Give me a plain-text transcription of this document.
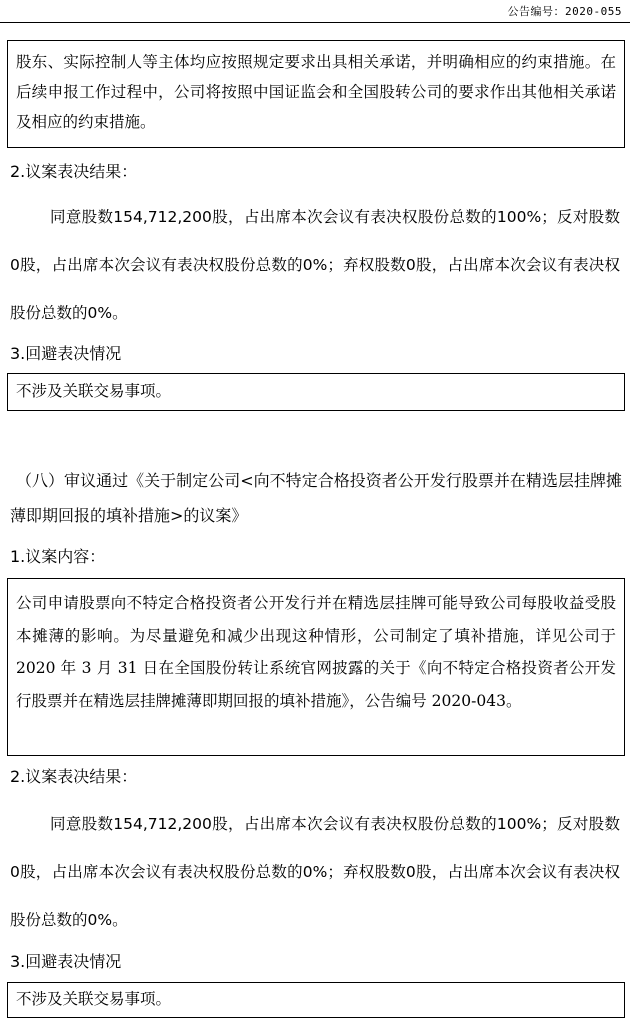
公告编号：2020-055

股东、实际控制人等主体均应按照规定要求出具相关承诺，并明确相应的约束措施。在后续申报工作过程中，公司将按照中国证监会和全国股转公司的要求作出其他相关承诺及相应的约束措施。

2.议案表决结果：

同意股数154,712,200股，占出席本次会议有表决权股份总数的100%；反对股数0股，占出席本次会议有表决权股份总数的0%；弃权股数0股，占出席本次会议有表决权股份总数的0%。

3.回避表决情况

不涉及关联交易事项。

（八）审议通过《关于制定公司<向不特定合格投资者公开发行股票并在精选层挂牌摊薄即期回报的填补措施>的议案》

1.议案内容：

公司申请股票向不特定合格投资者公开发行并在精选层挂牌可能导致公司每股收益受股本摊薄的影响。为尽量避免和减少出现这种情形，公司制定了填补措施，详见公司于 2020 年 3 月 31 日在全国股份转让系统官网披露的关于《向不特定合格投资者公开发行股票并在精选层挂牌摊薄即期回报的填补措施》，公告编号 2020-043。

2.议案表决结果：

同意股数154,712,200股，占出席本次会议有表决权股份总数的100%；反对股数0股，占出席本次会议有表决权股份总数的0%；弃权股数0股，占出席本次会议有表决权股份总数的0%。

3.回避表决情况

不涉及关联交易事项。
